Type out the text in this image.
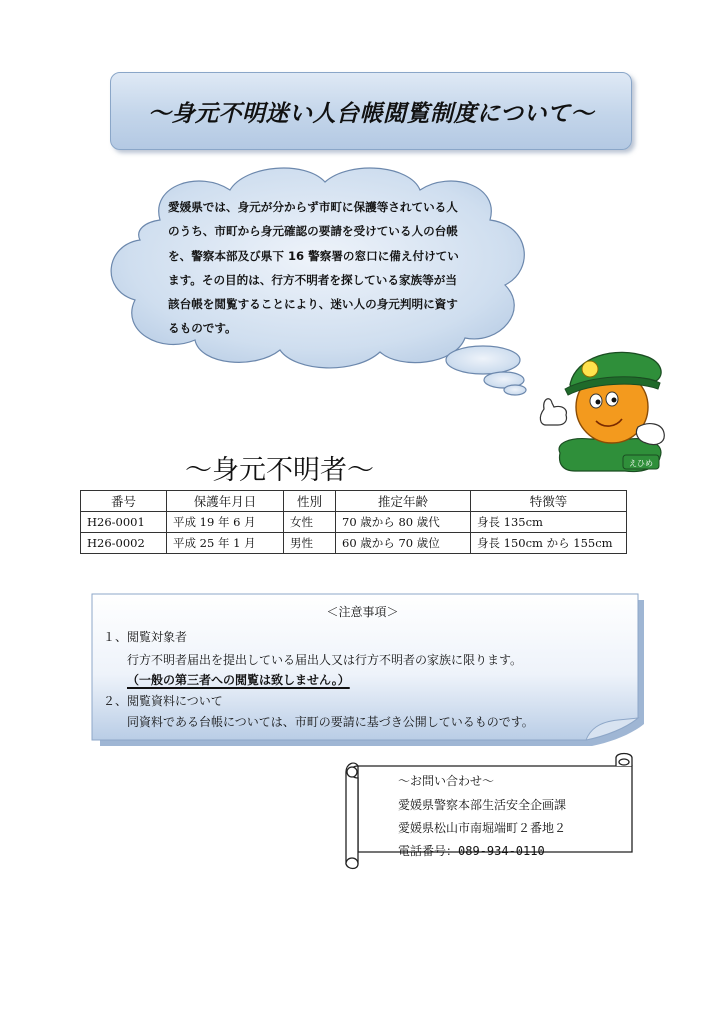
～身元不明迷い人台帳閲覧制度について～
愛媛県では、身元が分からず市町に保護等されている人
のうち、市町から身元確認の要請を受けている人の台帳
を、警察本部及び県下 16 警察署の窓口に備え付けてい
ます。その目的は、行方不明者を探している家族等が当
該台帳を閲覧することにより、迷い人の身元判明に資す
るものです。
えひめ
～身元不明者～
番号	保護年月日	性別	推定年齢	特徴等
H26-0001	平成 19 年 6 月	女性	70 歳から 80 歳代	身長 135cm
H26-0002	平成 25 年 1 月	男性	60 歳から 70 歳位	身長 150cm から 155cm
＜注意事項＞
１、閲覧対象者
行方不明者届出を提出している届出人又は行方不明者の家族に限ります。
（一般の第三者への閲覧は致しません。）
２、閲覧資料について
同資料である台帳については、市町の要請に基づき公開しているものです。
～お問い合わせ～
愛媛県警察本部生活安全企画課
愛媛県松山市南堀端町２番地２
電話番号：089-934-0110
